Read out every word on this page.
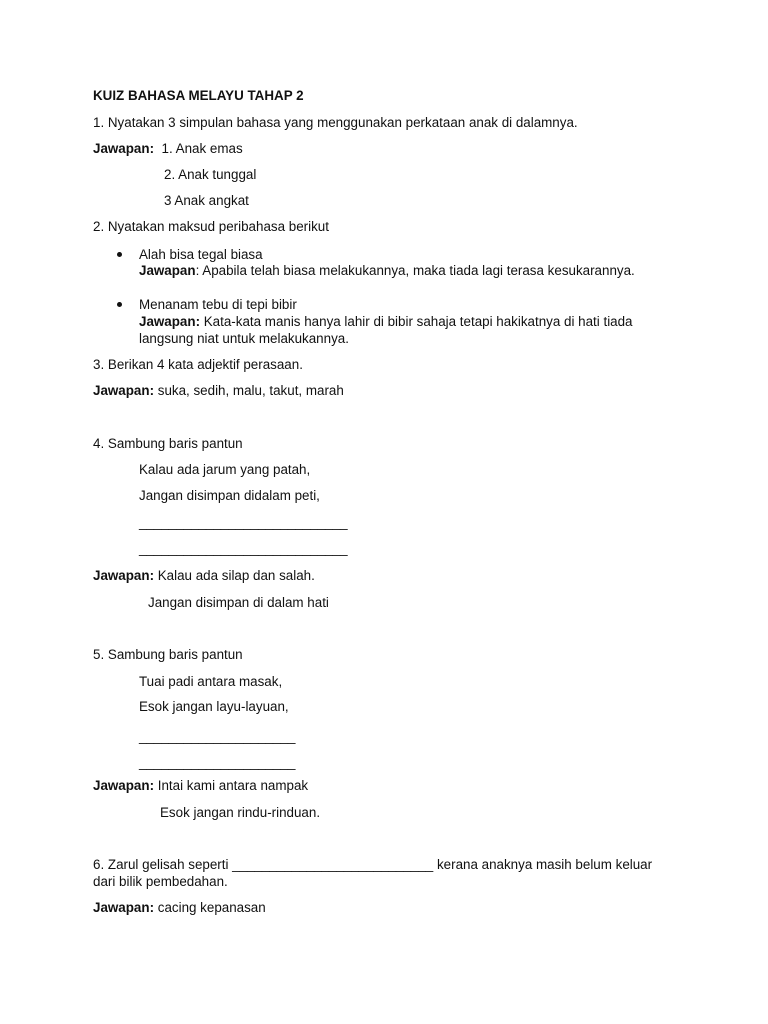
KUIZ BAHASA MELAYU TAHAP 2
1. Nyatakan 3 simpulan bahasa yang menggunakan perkataan anak di dalamnya.
Jawapan: 1. Anak emas
2. Anak tunggal
3 Anak angkat
2. Nyatakan maksud peribahasa berikut
Alah bisa tegal biasa
Jawapan: Apabila telah biasa melakukannya, maka tiada lagi terasa kesukarannya.
Menanam tebu di tepi bibir
Jawapan: Kata-kata manis hanya lahir di bibir sahaja tetapi hakikatnya di hati tiada
langsung niat untuk melakukannya.
3. Berikan 4 kata adjektif perasaan.
Jawapan: suka, sedih, malu, takut, marah
4. Sambung baris pantun
Kalau ada jarum yang patah,
Jangan disimpan didalam peti,
____________________________
____________________________
Jawapan: Kalau ada silap dan salah.
Jangan disimpan di dalam hati
5. Sambung baris pantun
Tuai padi antara masak,
Esok jangan layu-layuan,
_____________________
_____________________
Jawapan: Intai kami antara nampak
Esok jangan rindu-rinduan.
6. Zarul gelisah seperti ___________________________ kerana anaknya masih belum keluar
dari bilik pembedahan.
Jawapan: cacing kepanasan
